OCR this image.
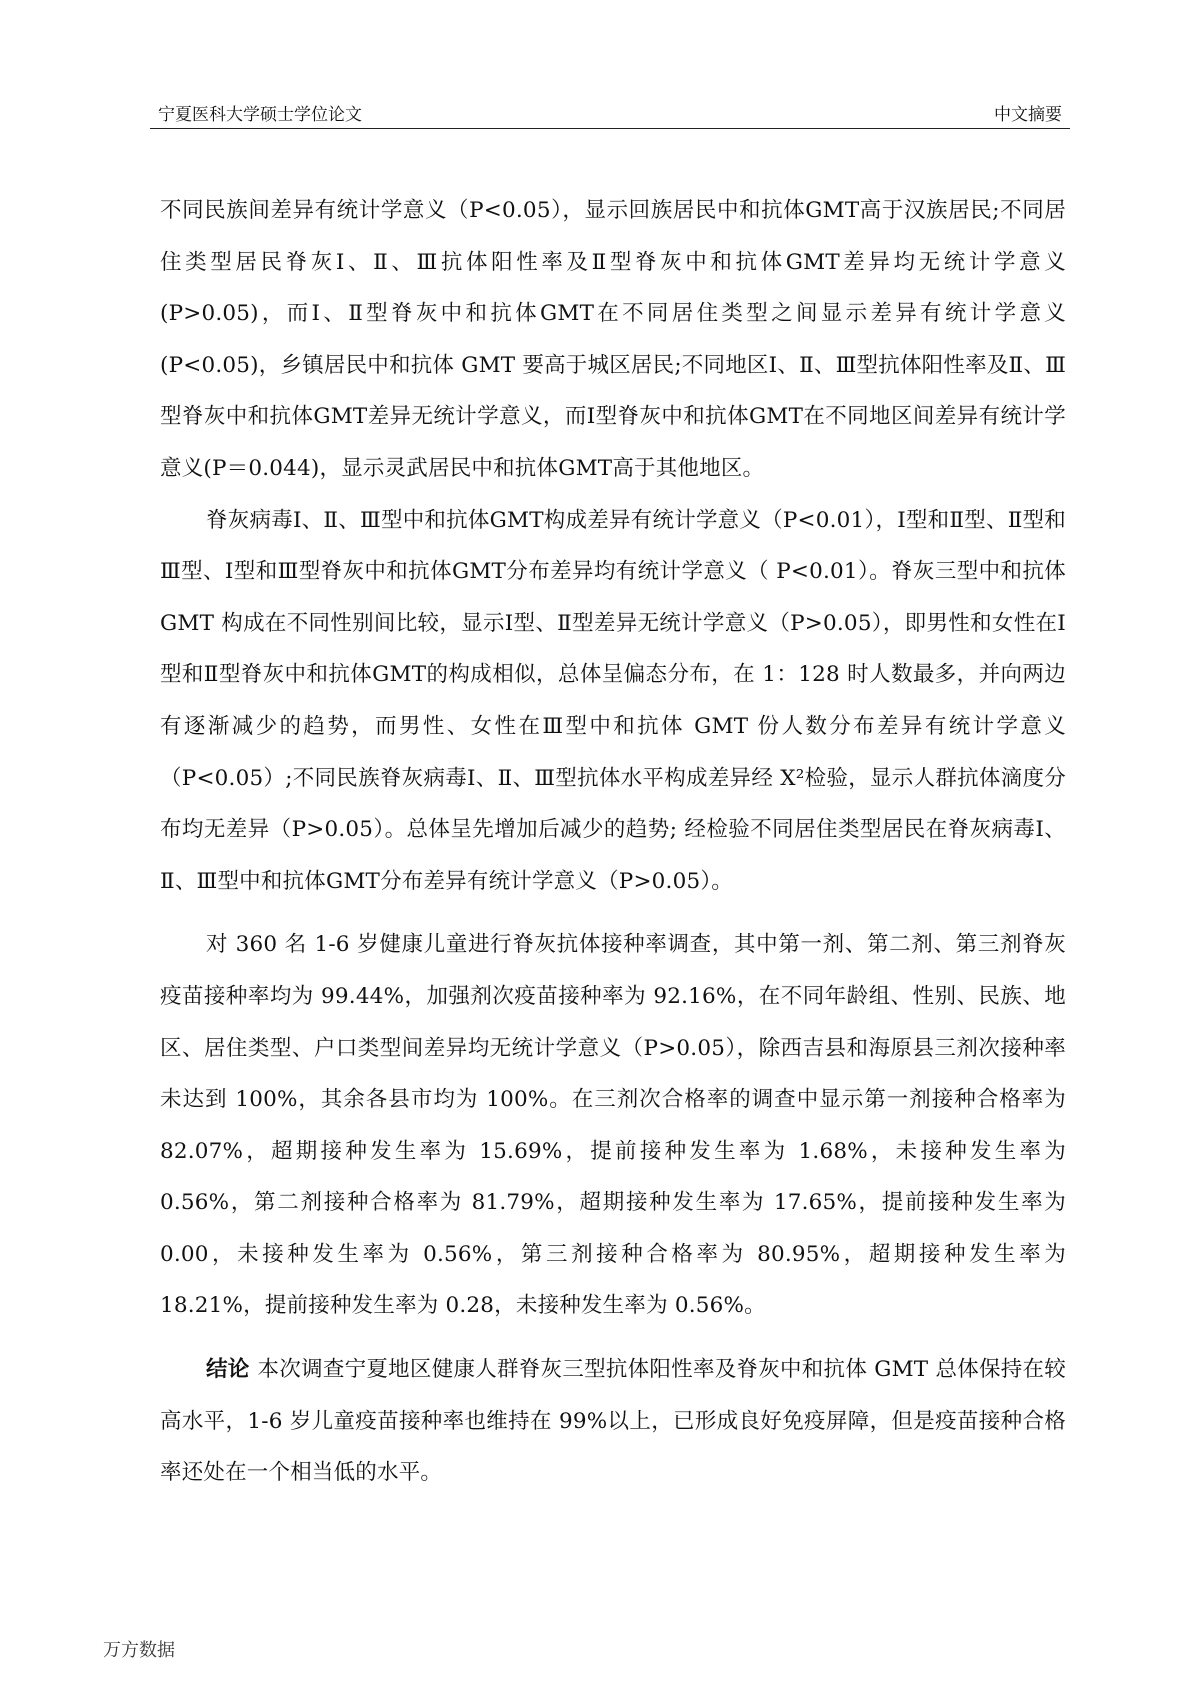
宁夏医科大学硕士学位论文	中文摘要

不同民族间差异有统计学意义（P<0.05），显示回族居民中和抗体GMT高于汉族居民;不同居住类型居民脊灰Ⅰ、Ⅱ、Ⅲ抗体阳性率及Ⅱ型脊灰中和抗体GMT差异均无统计学意义(P>0.05)，而Ⅰ、Ⅱ型脊灰中和抗体GMT在不同居住类型之间显示差异有统计学意义(P<0.05)，乡镇居民中和抗体 GMT 要高于城区居民;不同地区Ⅰ、Ⅱ、Ⅲ型抗体阳性率及Ⅱ、Ⅲ型脊灰中和抗体GMT差异无统计学意义，而Ⅰ型脊灰中和抗体GMT在不同地区间差异有统计学意义(P＝0.044)，显示灵武居民中和抗体GMT高于其他地区。

脊灰病毒Ⅰ、Ⅱ、Ⅲ型中和抗体GMT构成差异有统计学意义（P<0.01），Ⅰ型和Ⅱ型、Ⅱ型和Ⅲ型、Ⅰ型和Ⅲ型脊灰中和抗体GMT分布差异均有统计学意义（ P<0.01）。脊灰三型中和抗体 GMT 构成在不同性别间比较，显示Ⅰ型、Ⅱ型差异无统计学意义（P>0.05），即男性和女性在Ⅰ型和Ⅱ型脊灰中和抗体GMT的构成相似，总体呈偏态分布，在 1：128 时人数最多，并向两边有逐渐减少的趋势，而男性、女性在Ⅲ型中和抗体 GMT 份人数分布差异有统计学意义（P<0.05）;不同民族脊灰病毒Ⅰ、Ⅱ、Ⅲ型抗体水平构成差异经 X²检验，显示人群抗体滴度分布均无差异（P>0.05）。总体呈先增加后减少的趋势; 经检验不同居住类型居民在脊灰病毒Ⅰ、Ⅱ、Ⅲ型中和抗体GMT分布差异有统计学意义（P>0.05）。

对 360 名 1-6 岁健康儿童进行脊灰抗体接种率调查，其中第一剂、第二剂、第三剂脊灰疫苗接种率均为 99.44%，加强剂次疫苗接种率为 92.16%，在不同年龄组、性别、民族、地区、居住类型、户口类型间差异均无统计学意义（P>0.05），除西吉县和海原县三剂次接种率未达到 100%，其余各县市均为 100%。在三剂次合格率的调查中显示第一剂接种合格率为 82.07%，超期接种发生率为 15.69%，提前接种发生率为 1.68%，未接种发生率为 0.56%，第二剂接种合格率为 81.79%，超期接种发生率为 17.65%，提前接种发生率为 0.00，未接种发生率为 0.56%，第三剂接种合格率为 80.95%，超期接种发生率为 18.21%，提前接种发生率为 0.28，未接种发生率为 0.56%。

结论 本次调查宁夏地区健康人群脊灰三型抗体阳性率及脊灰中和抗体 GMT 总体保持在较高水平，1-6 岁儿童疫苗接种率也维持在 99%以上，已形成良好免疫屏障，但是疫苗接种合格率还处在一个相当低的水平。

万方数据
